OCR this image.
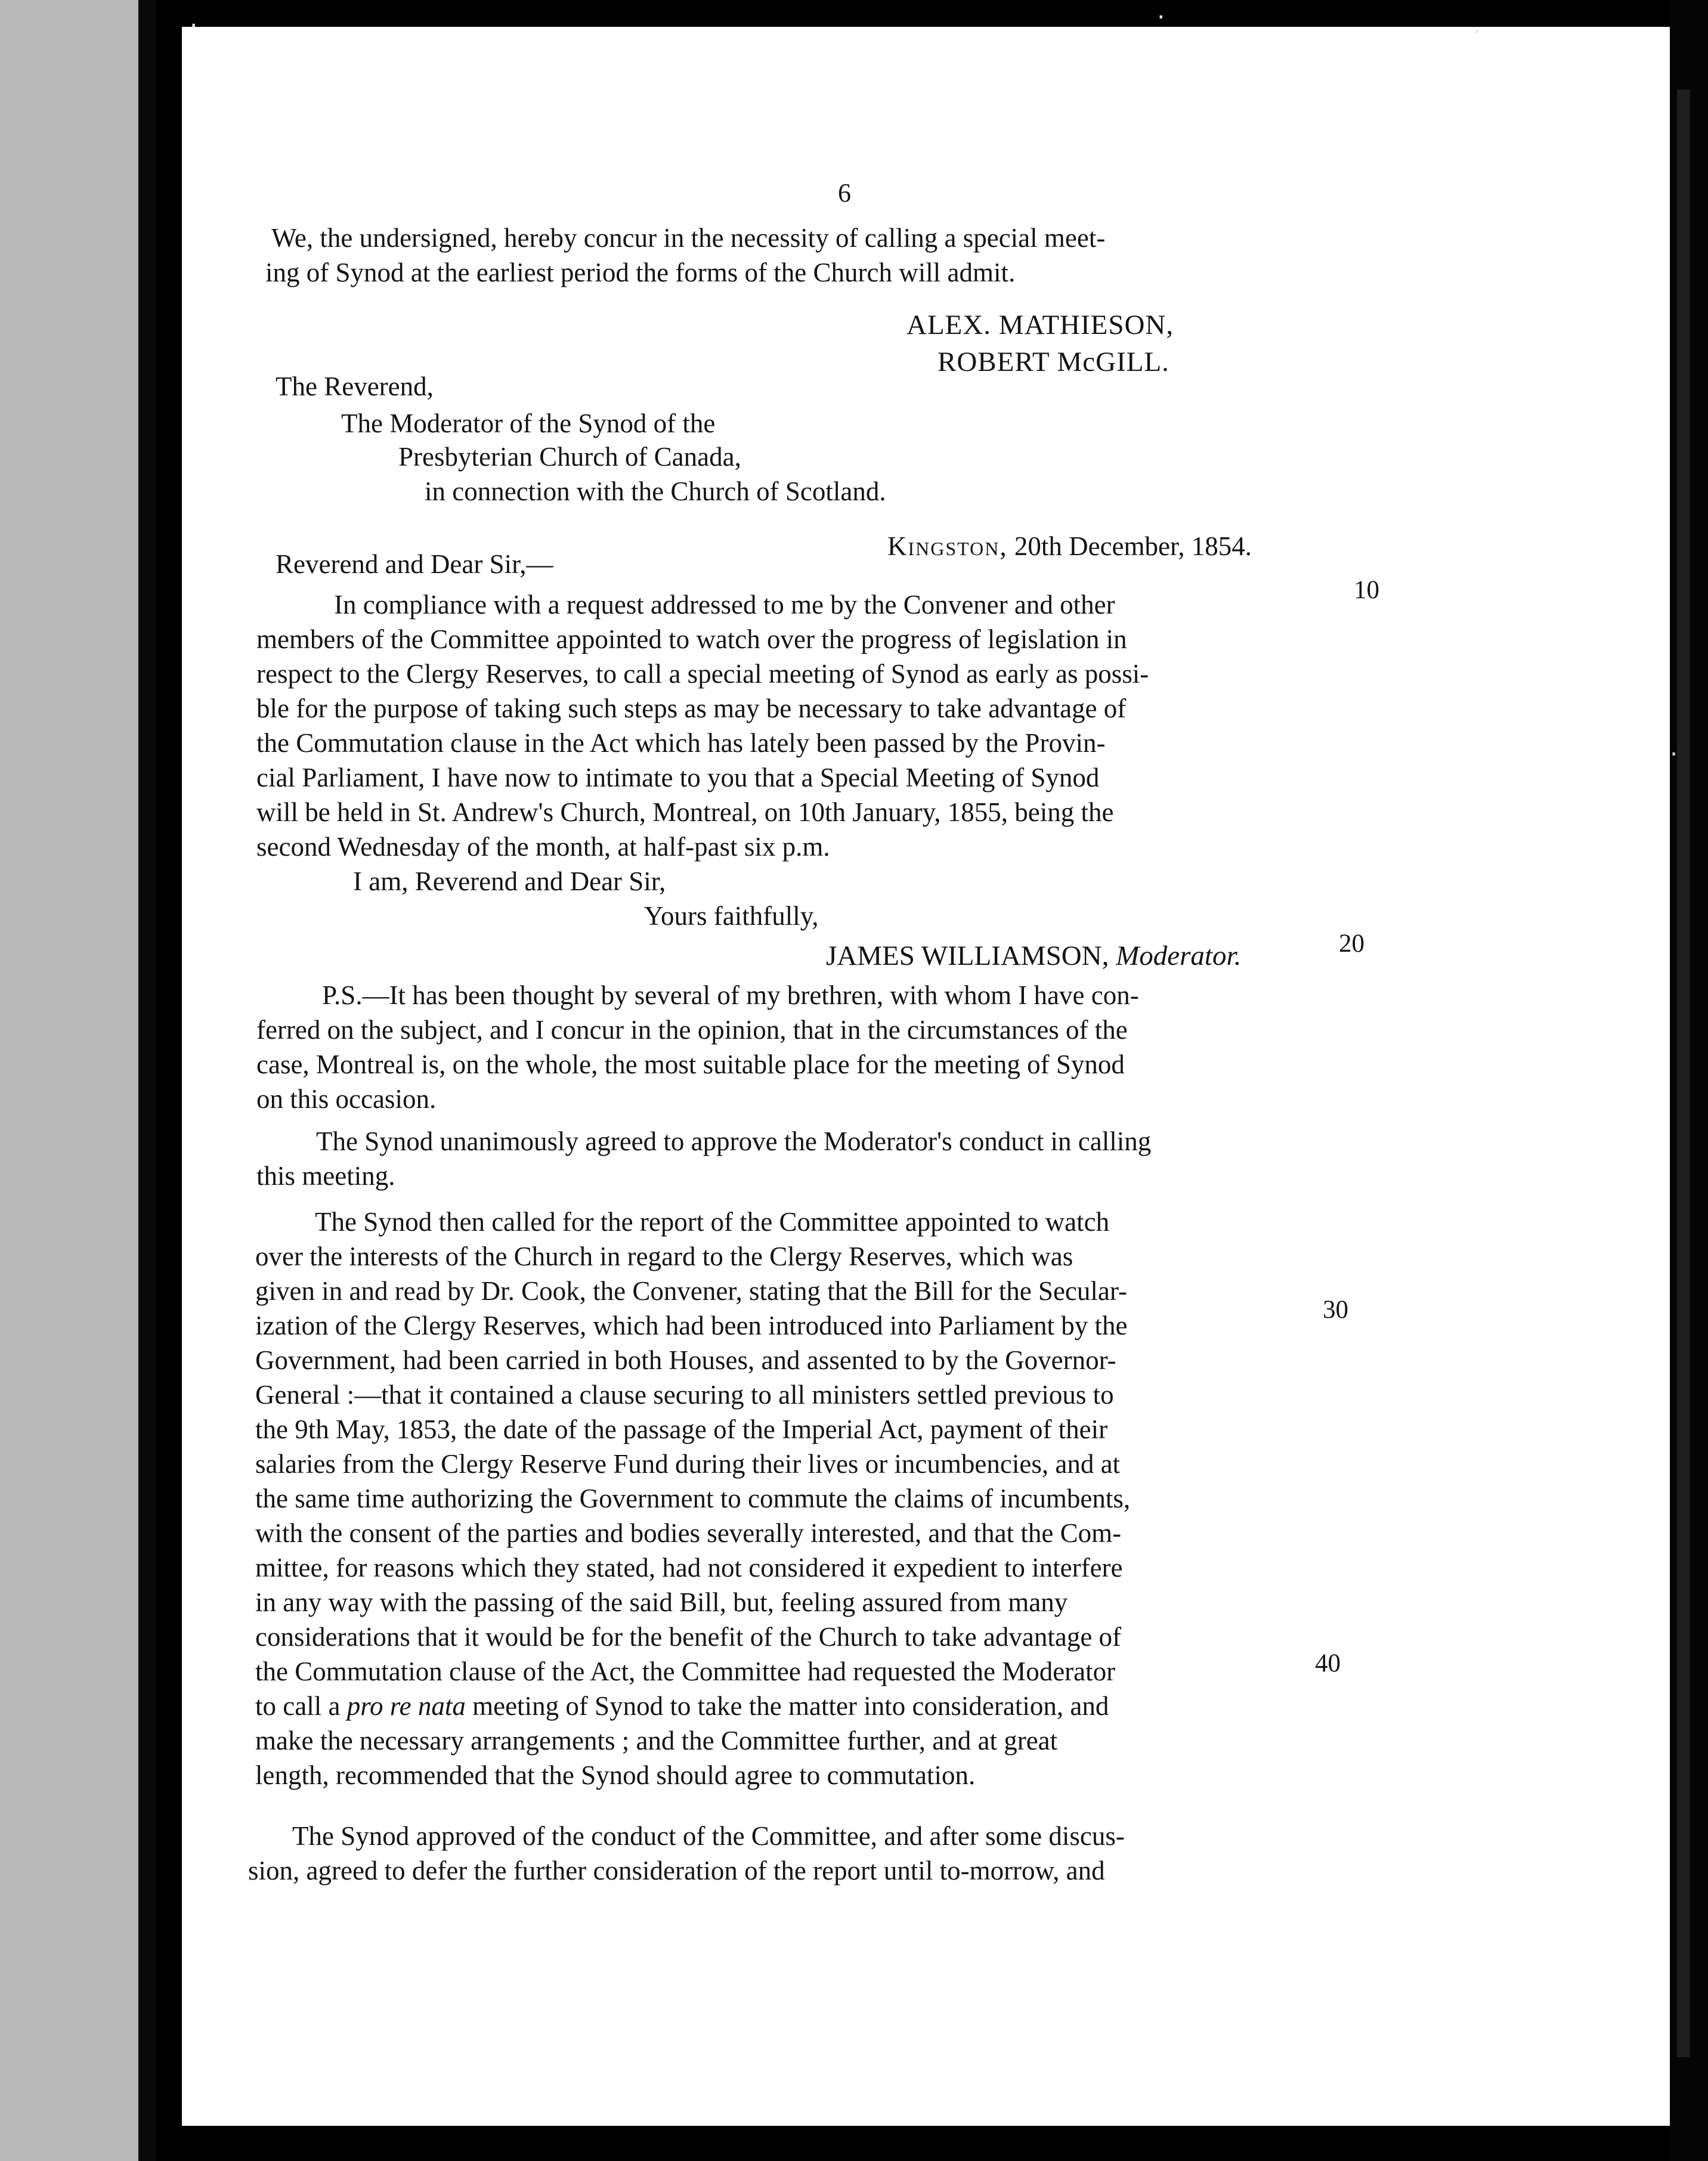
6
We, the undersigned, hereby concur in the necessity of calling a special meet-
ing of Synod at the earliest period the forms of the Church will admit.
ALEX. MATHIESON,
ROBERT McGILL.
The Reverend,
The Moderator of the Synod of the
Presbyterian Church of Canada,
in connection with the Church of Scotland.
Kingston, 20th December, 1854.
Reverend and Dear Sir,—
In compliance with a request addressed to me by the Convener and other
members of the Committee appointed to watch over the progress of legislation in
respect to the Clergy Reserves, to call a special meeting of Synod as early as possi-
ble for the purpose of taking such steps as may be necessary to take advantage of
the Commutation clause in the Act which has lately been passed by the Provin-
cial Parliament, I have now to intimate to you that a Special Meeting of Synod
will be held in St. Andrew's Church, Montreal, on 10th January, 1855, being the
second Wednesday of the month, at half-past six p.m.
I am, Reverend and Dear Sir,
Yours faithfully,
JAMES WILLIAMSON, Moderator.
P.S.—It has been thought by several of my brethren, with whom I have con-
ferred on the subject, and I concur in the opinion, that in the circumstances of the
case, Montreal is, on the whole, the most suitable place for the meeting of Synod
on this occasion.
The Synod unanimously agreed to approve the Moderator's conduct in calling
this meeting.
The Synod then called for the report of the Committee appointed to watch
over the interests of the Church in regard to the Clergy Reserves, which was
given in and read by Dr. Cook, the Convener, stating that the Bill for the Secular-
ization of the Clergy Reserves, which had been introduced into Parliament by the
Government, had been carried in both Houses, and assented to by the Governor-
General :—that it contained a clause securing to all ministers settled previous to
the 9th May, 1853, the date of the passage of the Imperial Act, payment of their
salaries from the Clergy Reserve Fund during their lives or incumbencies, and at
the same time authorizing the Government to commute the claims of incumbents,
with the consent of the parties and bodies severally interested, and that the Com-
mittee, for reasons which they stated, had not considered it expedient to interfere
in any way with the passing of the said Bill, but, feeling assured from many
considerations that it would be for the benefit of the Church to take advantage of
the Commutation clause of the Act, the Committee had requested the Moderator
to call a pro re nata meeting of Synod to take the matter into consideration, and
make the necessary arrangements ; and the Committee further, and at great
length, recommended that the Synod should agree to commutation.
The Synod approved of the conduct of the Committee, and after some discus-
sion, agreed to defer the further consideration of the report until to-morrow, and
10
20
30
40
·	·	·
·
